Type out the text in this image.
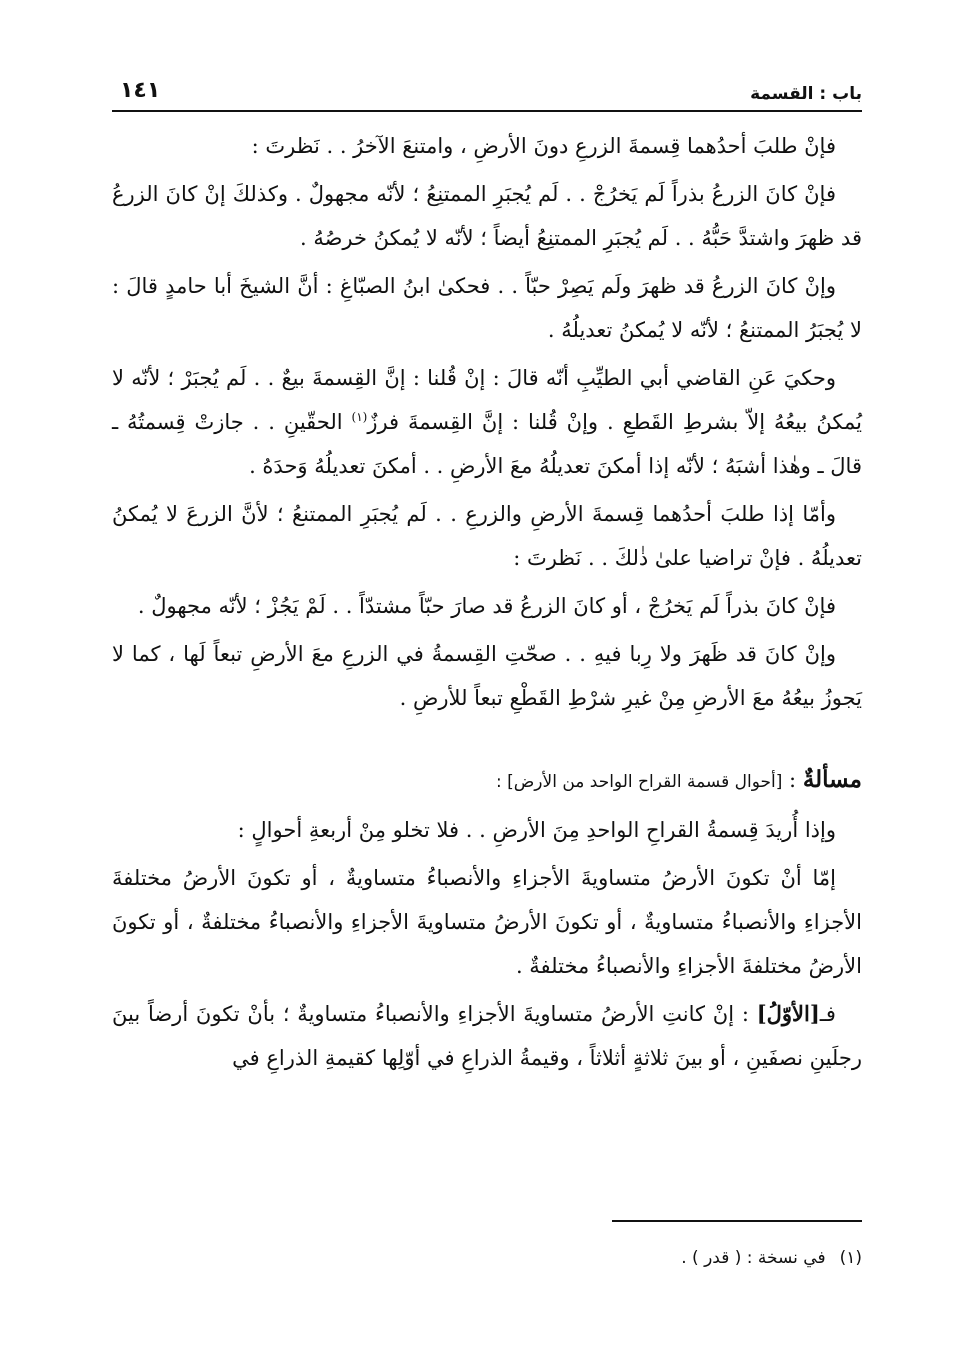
باب : القسمة
١٤١

فإنْ طلبَ أحدُهما قِسمةَ الزرعِ دونَ الأرضِ ، وامتنعَ الآخرُ . . نَظرتَ :

فإنْ كانَ الزرعُ بذراً لَم يَخرُجْ . . لَم يُجبَرِ الممتنِعُ ؛ لأنّه مجهولٌ . وكذلكَ إنْ كانَ الزرعُ قد ظهرَ واشتدَّ حَبُّهُ . . لَم يُجبَرِ الممتنِعُ أيضاً ؛ لأنّه لا يُمكنُ خرصُهُ .

وإنْ كانَ الزرعُ قد ظهرَ ولَم يَصِرْ حبّاً . . فحكىٰ ابنُ الصبّاغِ : أنَّ الشيخَ أبا حامدٍ قالَ : لا يُجبَرُ الممتنعُ ؛ لأنّه لا يُمكنُ تعديلُهُ .

وحكيَ عَنِ القاضي أبي الطيِّبِ أنّه قالَ : إنْ قُلنا : إنَّ القِسمةَ بيعٌ . . لَم يُجبَرْ ؛ لأنّه لا يُمكنُ بيعُهُ إلاّ بشرطِ القَطعِ . وإنْ قُلنا : إنَّ القِسمةَ فرزٌ$^{(١)}$ الحقّينِ . . جازتْ قِسمتُهُ ـ قالَ ـ وهٰذا أشبَهُ ؛ لأنّه إذا أمكنَ تعديلُهُ معَ الأرضِ . . أمكنَ تعديلُهُ وَحدَهُ .

وأمّا إذا طلبَ أحدُهما قِسمةَ الأرضِ والزرعِ . . لَم يُجبَرِ الممتنعُ ؛ لأنَّ الزرعَ لا يُمكنُ تعديلُهُ . فإنْ تراضيا علىٰ ذٰلكَ . . نَظرتَ :

فإنْ كانَ بذراً لَم يَخرُجْ ، أو كانَ الزرعُ قد صارَ حبّاً مشتدّاً . . لَمْ يَجُزْ ؛ لأنّه مجهولٌ .

وإنْ كانَ قد ظَهرَ ولا رِبا فيهِ . . صحّتِ القِسمةُ في الزرعِ معَ الأرضِ تبعاً لَها ، كما لا يَجوزُ بيعُهُ معَ الأرضِ مِنْ غيرِ شرْطِ القَطْعِ تبعاً للأرضِ .

مسألةٌ : [أحوال قسمة القراح الواحد من الأرض] :

وإذا أُريدَ قِسمةُ القراحِ الواحدِ مِنَ الأرضِ . . فلا تخلو مِنْ أربعةِ أحوالٍ :

إمّا أنْ تكونَ الأرضُ متساويةَ الأجزاءِ والأنصباءُ متساويةٌ ، أو تكونَ الأرضُ مختلفةَ الأجزاءِ والأنصباءُ متساويةٌ ، أو تكونَ الأرضُ متساويةَ الأجزاءِ والأنصباءُ مختلفةٌ ، أو تكونَ الأرضُ مختلفةَ الأجزاءِ والأنصباءُ مختلفةٌ .

فـ[الأوّلُ] : إنْ كانتِ الأرضُ متساويةَ الأجزاءِ والأنصباءُ متساويةٌ ؛ بأنْ تكونَ أرضاً بينَ رجلَينِ نصفَينِ ، أو بينَ ثلاثةٍ أثلاثاً ، وقيمةُ الذراعِ في أوّلِها كقيمةِ الذراعِ في

(١)في نسخة : ( قدر ) .
